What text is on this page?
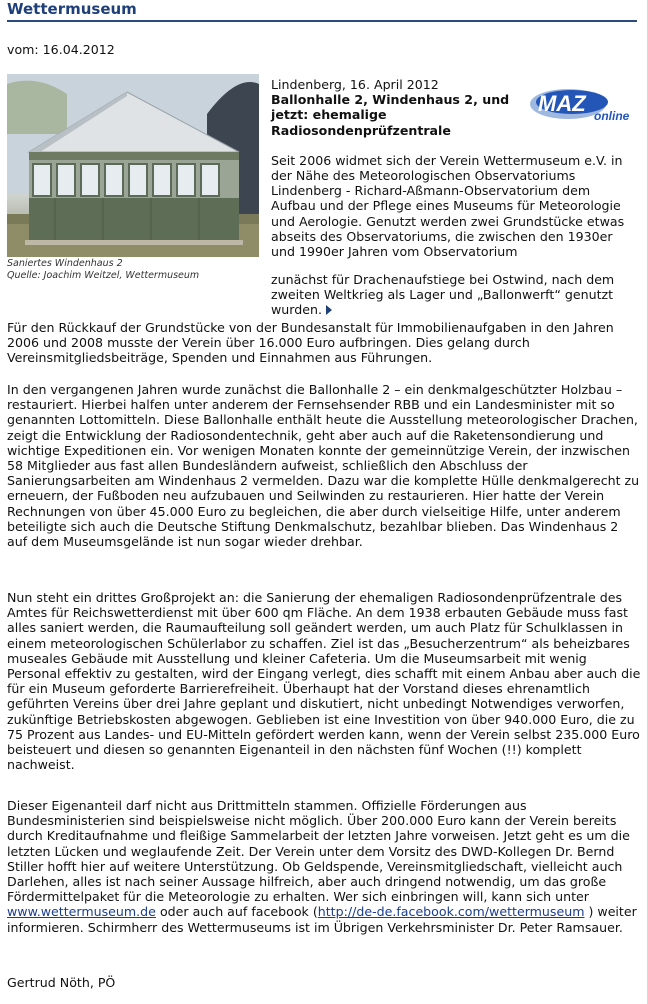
Wettermuseum
vom: 16.04.2012
Saniertes Windenhaus 2
Quelle: Joachim Weitzel, Wettermuseum
MAZ online

Lindenberg, 16. April 2012

Ballonhalle 2, Windenhaus 2, und jetzt: ehemalige Radiosondenprüfzentrale

Seit 2006 widmet sich der Verein Wettermuseum e.V. in der Nähe des Meteorologischen Observatoriums Lindenberg - Richard-Aßmann-Observatorium dem Aufbau und der Pflege eines Museums für Meteorologie und Aerologie. Genutzt werden zwei Grundstücke etwas abseits des Observatoriums, die zwischen den 1930er und 1990er Jahren vom Observatorium

zunächst für Drachenaufstiege bei Ostwind, nach dem zweiten Weltkrieg als Lager und „Ballonwerft“ genutzt wurden.

Für den Rückkauf der Grundstücke von der Bundesanstalt für Immobilienaufgaben in den Jahren 2006 und 2008 musste der Verein über 16.000 Euro aufbringen. Dies gelang durch Vereinsmitgliedsbeiträge, Spenden und Einnahmen aus Führungen.

In den vergangenen Jahren wurde zunächst die Ballonhalle 2 – ein denkmalgeschützter Holzbau – restauriert. Hierbei halfen unter anderem der Fernsehsender RBB und ein Landesminister mit so genannten Lottomitteln. Diese Ballonhalle enthält heute die Ausstellung meteorologischer Drachen, zeigt die Entwicklung der Radiosondentechnik, geht aber auch auf die Raketensondierung und wichtige Expeditionen ein. Vor wenigen Monaten konnte der gemeinnützige Verein, der inzwischen 58 Mitglieder aus fast allen Bundesländern aufweist, schließlich den Abschluss der Sanierungsarbeiten am Windenhaus 2 vermelden. Dazu war die komplette Hülle denkmalgerecht zu erneuern, der Fußboden neu aufzubauen und Seilwinden zu restaurieren. Hier hatte der Verein Rechnungen von über 45.000 Euro zu begleichen, die aber durch vielseitige Hilfe, unter anderem beteiligte sich auch die Deutsche Stiftung Denkmalschutz, bezahlbar blieben. Das Windenhaus 2 auf dem Museumsgelände ist nun sogar wieder drehbar.

Nun steht ein drittes Großprojekt an: die Sanierung der ehemaligen Radiosondenprüfzentrale des Amtes für Reichswetterdienst mit über 600 qm Fläche. An dem 1938 erbauten Gebäude muss fast alles saniert werden, die Raumaufteilung soll geändert werden, um auch Platz für Schulklassen in einem meteorologischen Schülerlabor zu schaffen. Ziel ist das „Besucherzentrum“ als beheizbares museales Gebäude mit Ausstellung und kleiner Cafeteria. Um die Museumsarbeit mit wenig Personal effektiv zu gestalten, wird der Eingang verlegt, dies schafft mit einem Anbau aber auch die für ein Museum geforderte Barrierefreiheit. Überhaupt hat der Vorstand dieses ehrenamtlich geführten Vereins über drei Jahre geplant und diskutiert, nicht unbedingt Notwendiges verworfen, zukünftige Betriebskosten abgewogen. Geblieben ist eine Investition von über 940.000 Euro, die zu 75 Prozent aus Landes- und EU-Mitteln gefördert werden kann, wenn der Verein selbst 235.000 Euro beisteuert und diesen so genannten Eigenanteil in den nächsten fünf Wochen (!!) komplett nachweist.

Dieser Eigenanteil darf nicht aus Drittmitteln stammen. Offizielle Förderungen aus Bundesministerien sind beispielsweise nicht möglich. Über 200.000 Euro kann der Verein bereits durch Kreditaufnahme und fleißige Sammelarbeit der letzten Jahre vorweisen. Jetzt geht es um die letzten Lücken und weglaufende Zeit. Der Verein unter dem Vorsitz des DWD-Kollegen Dr. Bernd Stiller hofft hier auf weitere Unterstützung. Ob Geldspende, Vereinsmitgliedschaft, vielleicht auch Darlehen, alles ist nach seiner Aussage hilfreich, aber auch dringend notwendig, um das große Fördermittelpaket für die Meteorologie zu erhalten. Wer sich einbringen will, kann sich unter www.wettermuseum.de oder auch auf facebook (http://de-de.facebook.com/wettermuseum ) weiter informieren. Schirmherr des Wettermuseums ist im Übrigen Verkehrsminister Dr. Peter Ramsauer.

Gertrud Nöth, PÖ
